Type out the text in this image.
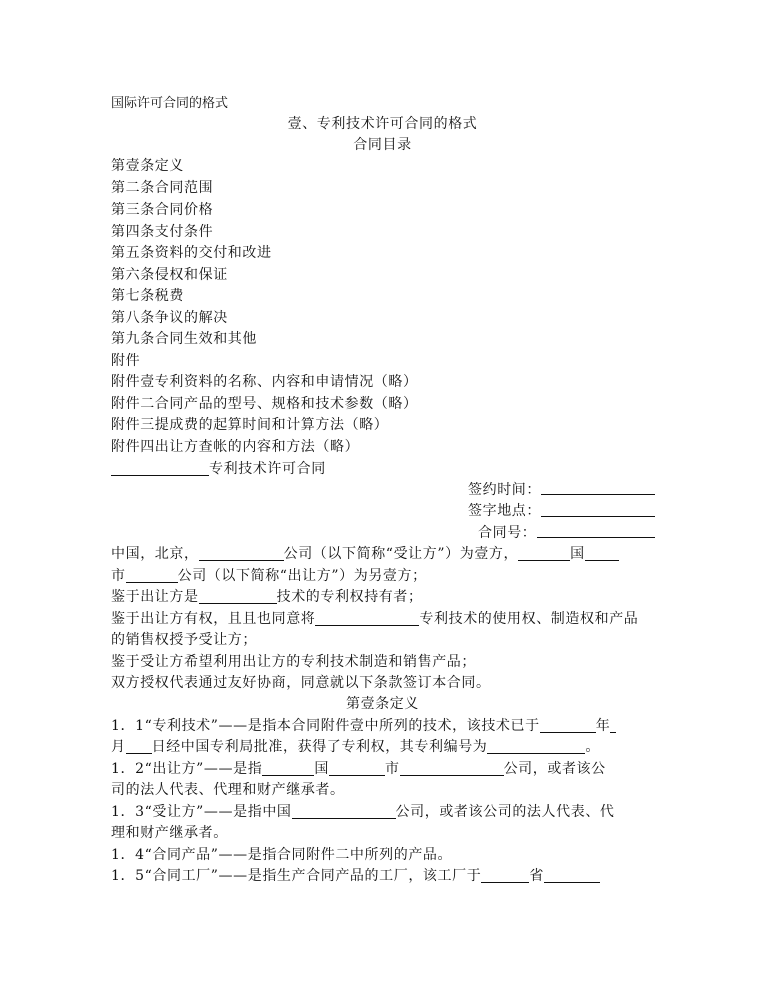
国际许可合同的格式
壹、专利技术许可合同的格式
合同目录
第壹条定义
第二条合同范围
第三条合同价格
第四条支付条件
第五条资料的交付和改进
第六条侵权和保证
第七条税费
第八条争议的解决
第九条合同生效和其他
附件
附件壹专利资料的名称、内容和申请情况（略）
附件二合同产品的型号、规格和技术参数（略）
附件三提成费的起算时间和计算方法（略）
附件四出让方查帐的内容和方法（略）
专利技术许可合同
签约时间：
签字地点：
合同号：
中国，北京，	公司（以下简称“受让方”）为壹方，	国
市	公司（以下简称“出让方”）为另壹方；
鉴于出让方是	技术的专利权持有者；
鉴于出让方有权，且且也同意将	专利技术的使用权、制造权和产品
的销售权授予受让方；
鉴于受让方希望利用出让方的专利技术制造和销售产品；
双方授权代表通过友好协商，同意就以下条款签订本合同。
第壹条定义
1．1“专利技术”——是指本合同附件壹中所列的技术，该技术已于	年
月 日经中国专利局批准，获得了专利权，其专利编号为	。
1．2“出让方”——是指	国	市	公司，或者该公
司的法人代表、代理和财产继承者。
1．3“受让方”——是指中国	公司，或者该公司的法人代表、代
理和财产继承者。
1．4“合同产品”——是指合同附件二中所列的产品。
1．5“合同工厂”——是指生产合同产品的工厂，该工厂于	省
